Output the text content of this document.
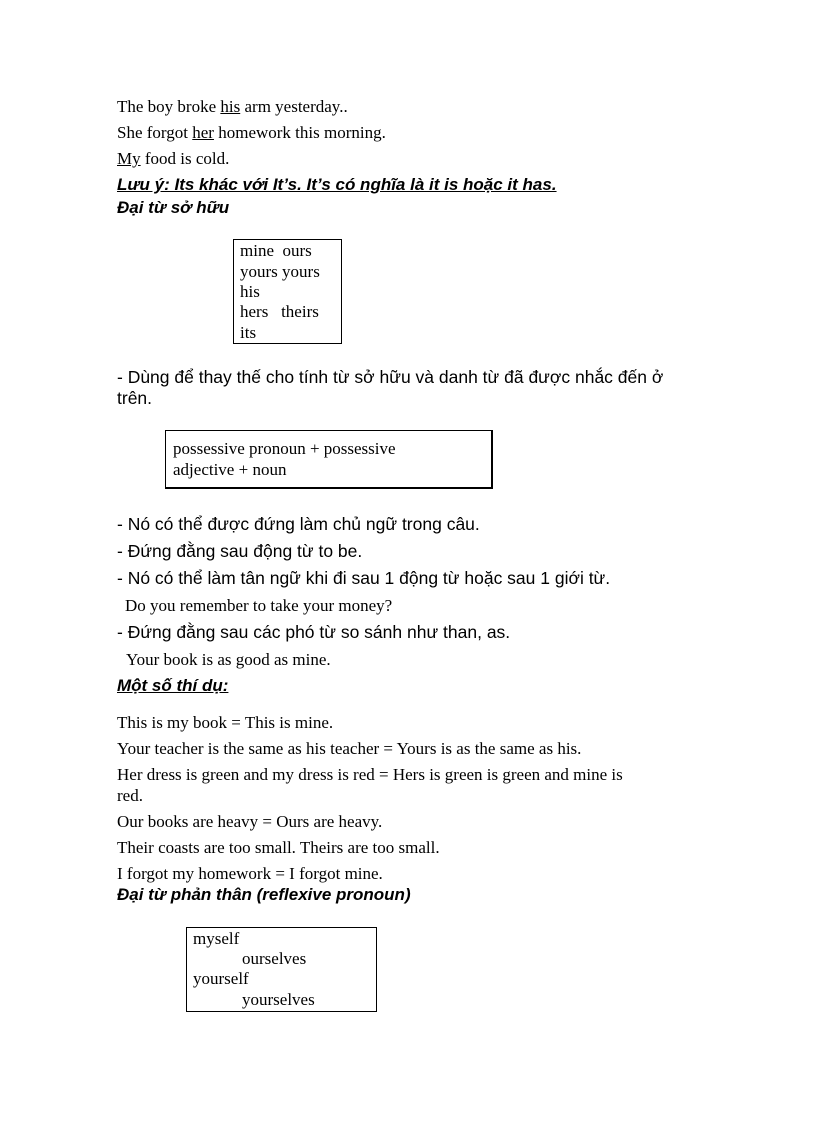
The boy broke his arm yesterday..
She forgot her homework this morning.
My food is cold.
Lưu ý: Its khác với It’s. It’s có nghĩa là it is hoặc it has.
Đại từ sở hữu
mine ours
yours yours
his
hers theirs
its
- Dùng để thay thế cho tính từ sở hữu và danh từ đã được nhắc đến ở
trên.
possessive pronoun + possessive
adjective + noun
- Nó có thể được đứng làm chủ ngữ trong câu.
- Đứng đằng sau động từ to be.
- Nó có thể làm tân ngữ khi đi sau 1 động từ hoặc sau 1 giới từ.
Do you remember to take your money?
- Đứng đằng sau các phó từ so sánh như than, as.
Your book is as good as mine.
Một số thí dụ:
This is my book = This is mine.
Your teacher is the same as his teacher = Yours is as the same as his.
Her dress is green and my dress is red = Hers is green is green and mine is
red.
Our books are heavy = Ours are heavy.
Their coasts are too small. Theirs are too small.
I forgot my homework = I forgot mine.
Đại từ phản thân (reflexive pronoun)
myself
ourselves
yourself
yourselves
